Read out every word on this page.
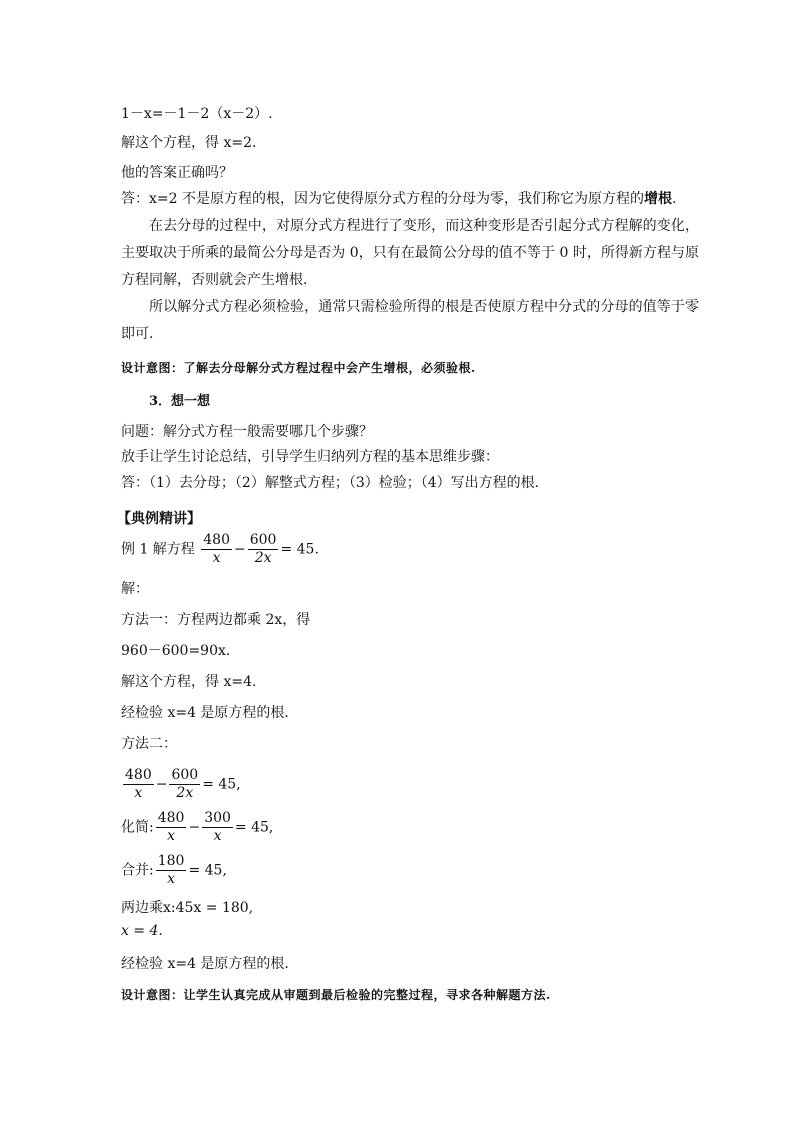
1－x=－1－2（x－2）.
解这个方程，得 x=2.
他的答案正确吗？
答：x=2 不是原方程的根，因为它使得原分式方程的分母为零，我们称它为原方程的增根.
在去分母的过程中，对原分式方程进行了变形，而这种变形是否引起分式方程解的变化，主要取决于所乘的最简公分母是否为 0，只有在最简公分母的值不等于 0 时，所得新方程与原方程同解，否则就会产生增根.
所以解分式方程必须检验，通常只需检验所得的根是否使原方程中分式的分母的值等于零即可.
设计意图：了解去分母解分式方程过程中会产生增根，必须验根.
3．想一想
问题：解分式方程一般需要哪几个步骤？
放手让学生讨论总结，引导学生归纳列方程的基本思维步骤：
答：（1）去分母；（2）解整式方程；（3）检验；（4）写出方程的根.
【典例精讲】
例 1 解方程 $\frac{480}{x} - \frac{600}{2x} = 45$.
解：
方法一：方程两边都乘 2x，得
960－600=90x.
解这个方程，得 x=4.
经检验 x=4 是原方程的根.
方法二：
$\frac{480}{x} - \frac{600}{2x} = 45$,
化简: $\frac{480}{x} - \frac{300}{x} = 45$,
合并: $\frac{180}{x} = 45$,
两边乘x:45x = 180,
x = 4.
经检验 x=4 是原方程的根.
设计意图：让学生认真完成从审题到最后检验的完整过程，寻求各种解题方法.
